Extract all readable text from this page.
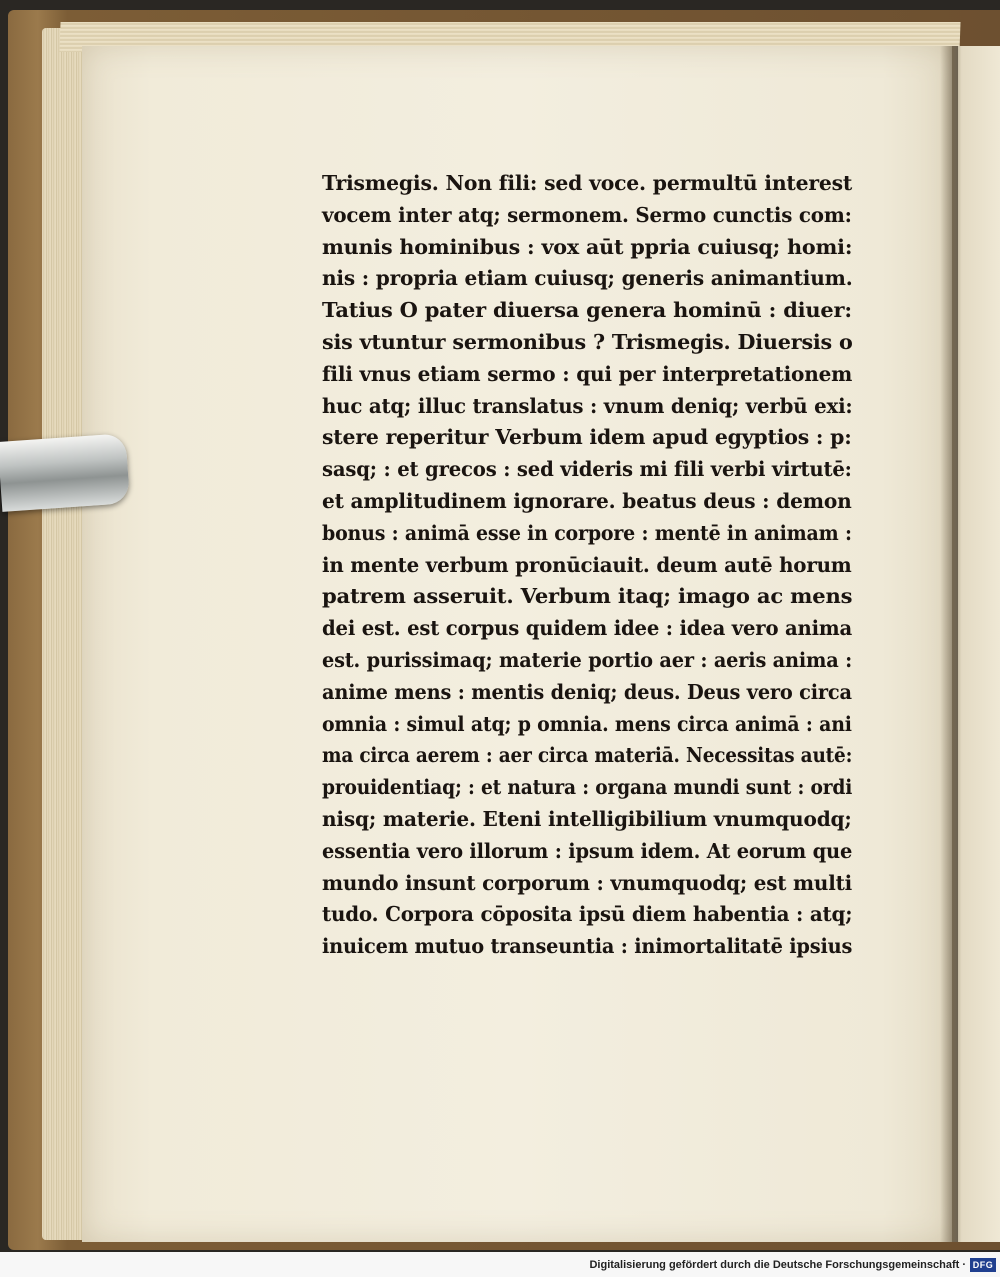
Trismegis. Non fili: sed voce. permultū interest
vocem inter atq; sermonem. Sermo cunctis com:
munis hominibus : vox aūt ppria cuiusq; homi:
nis : propria etiam cuiusq; generis animantium.
Tatius O pater diuersa genera hominū : diuer:
sis vtuntur sermonibus ? Trismegis. Diuersis o
fili vnus etiam sermo : qui per interpretationem
huc atq; illuc translatus : vnum deniq; verbū exi:
stere reperitur Verbum idem apud egyptios : p:
sasq; : et grecos : sed videris mi fili verbi virtutē:
et amplitudinem ignorare. beatus deus : demon
bonus : animā esse in corpore : mentē in animam :
in mente verbum pronūciauit. deum autē horum
patrem asseruit. Verbum itaq; imago ac mens
dei est. est corpus quidem idee : idea vero anima
est. purissimaq; materie portio aer : aeris anima :
anime mens : mentis deniq; deus. Deus vero circa
omnia : simul atq; p omnia. mens circa animā : ani
ma circa aerem : aer circa materiā. Necessitas autē:
prouidentiaq; : et natura : organa mundi sunt : ordi
nisq; materie. Eteni intelligibilium vnumquodq;
essentia vero illorum : ipsum idem. At eorum que
mundo insunt corporum : vnumquodq; est multi
tudo. Corpora cōposita ipsū diem habentia : atq;
inuicem mutuo transeuntia : inimortalitatē ipsius
Digitalisierung gefördert durch die Deutsche Forschungsgemeinschaft · DFG
